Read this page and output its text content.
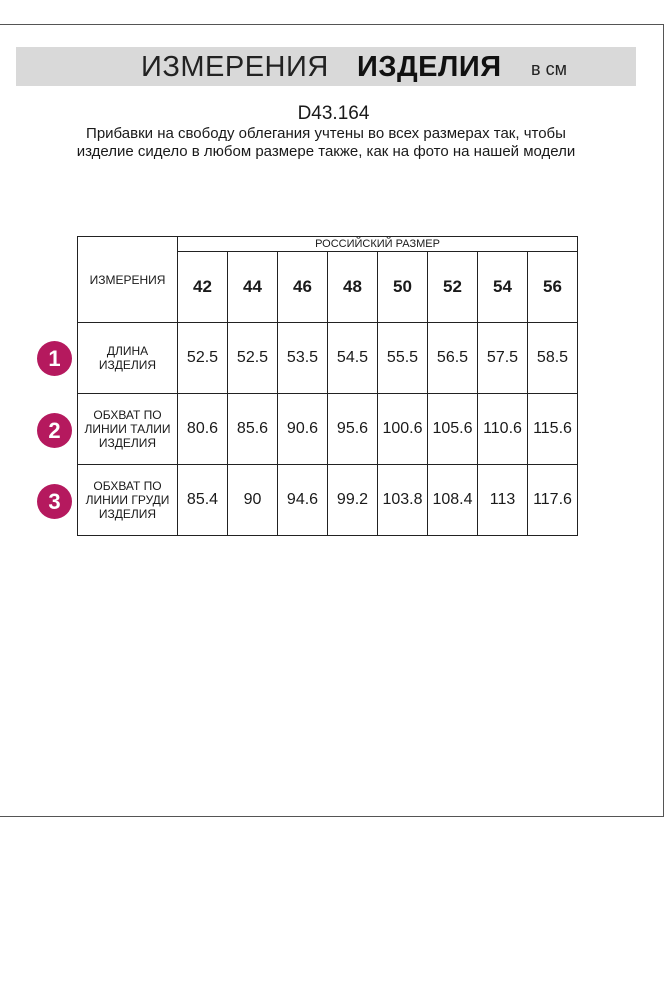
ИЗМЕРЕНИЯ ИЗДЕЛИЯ в см
D43.164
Прибавки на свободу облегания учтены во всех размерах так, чтобы изделие сидело в любом размере также, как на фото на нашей модели
ИЗМЕРЕНИЯ	РОССИЙСКИЙ РАЗМЕР							
	42	44	46	48	50	52	54	56

ДЛИНА
ИЗДЕЛИЯ	52.5	52.5	53.5	54.5	55.5	56.5	57.5	58.5

ОБХВАТ ПО
ЛИНИИ ТАЛИИ
ИЗДЕЛИЯ	80.6	85.6	90.6	95.6	100.6	105.6	110.6	115.6

ОБХВАТ ПО
ЛИНИИ ГРУДИ
ИЗДЕЛИЯ	85.4	90	94.6	99.2	103.8	108.4	113	117.6
1
2
3
